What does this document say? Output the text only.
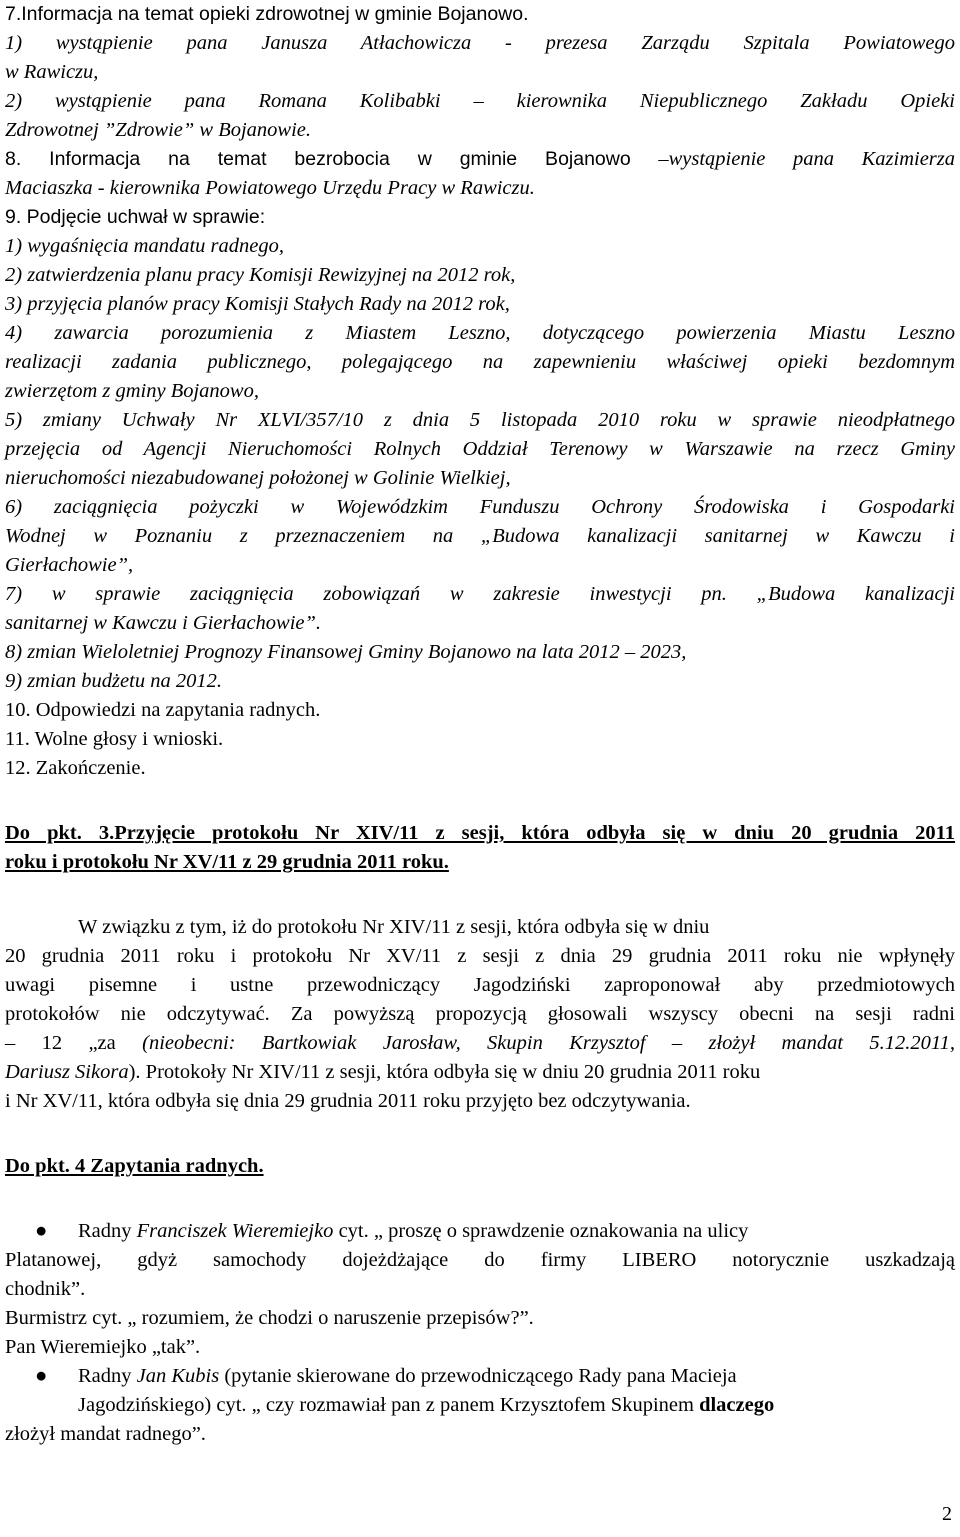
7.Informacja na temat opieki zdrowotnej w gminie Bojanowo.
1) wystąpienie pana Janusza Atłachowicza - prezesa Zarządu Szpitala Powiatowego
w Rawiczu,
2) wystąpienie pana Romana Kolibabki – kierownika Niepublicznego Zakładu Opieki
Zdrowotnej ”Zdrowie” w Bojanowie.
8. Informacja na temat bezrobocia w gminie Bojanowo –wystąpienie pana Kazimierza
Maciaszka - kierownika Powiatowego Urzędu Pracy w Rawiczu.
9. Podjęcie uchwał w sprawie:
1) wygaśnięcia mandatu radnego,
2) zatwierdzenia planu pracy Komisji Rewizyjnej na 2012 rok,
3) przyjęcia planów pracy Komisji Stałych Rady na 2012 rok,
4) zawarcia porozumienia z Miastem Leszno, dotyczącego powierzenia Miastu Leszno
realizacji zadania publicznego, polegającego na zapewnieniu właściwej opieki bezdomnym
zwierzętom z gminy Bojanowo,
5) zmiany Uchwały Nr XLVI/357/10 z dnia 5 listopada 2010 roku w sprawie nieodpłatnego
przejęcia od Agencji Nieruchomości Rolnych Oddział Terenowy w Warszawie na rzecz Gminy
nieruchomości niezabudowanej położonej w Golinie Wielkiej,
6) zaciągnięcia pożyczki w Wojewódzkim Funduszu Ochrony Środowiska i Gospodarki
Wodnej w Poznaniu z przeznaczeniem na „Budowa kanalizacji sanitarnej w Kawczu i
Gierłachowie”,
7) w sprawie zaciągnięcia zobowiązań w zakresie inwestycji pn. „Budowa kanalizacji
sanitarnej w Kawczu i Gierłachowie”.
8) zmian Wieloletniej Prognozy Finansowej Gminy Bojanowo na lata 2012 – 2023,
9) zmian budżetu na 2012.
10. Odpowiedzi na zapytania radnych.
11. Wolne głosy i wnioski.
12. Zakończenie.
Do pkt. 3.Przyjęcie protokołu Nr XIV/11 z sesji, która odbyła się w dniu 20 grudnia 2011
roku i protokołu Nr XV/11 z 29 grudnia 2011 roku.
W związku z tym, iż do protokołu Nr XIV/11 z sesji, która odbyła się w dniu
20 grudnia 2011 roku i protokołu Nr XV/11 z sesji z dnia 29 grudnia 2011 roku nie wpłynęły
uwagi pisemne i ustne przewodniczący Jagodziński zaproponował aby przedmiotowych
protokołów nie odczytywać. Za powyższą propozycją głosowali wszyscy obecni na sesji radni
– 12 „za (nieobecni: Bartkowiak Jarosław, Skupin Krzysztof – złożył mandat 5.12.2011,
Dariusz Sikora). Protokoły Nr XIV/11 z sesji, która odbyła się w dniu 20 grudnia 2011 roku
i Nr XV/11, która odbyła się dnia 29 grudnia 2011 roku przyjęto bez odczytywania.
Do pkt. 4 Zapytania radnych.
● Radny Franciszek Wieremiejko cyt. „ proszę o sprawdzenie oznakowania na ulicy
Platanowej, gdyż samochody dojeżdżające do firmy LIBERO notorycznie uszkadzają
chodnik”.
Burmistrz cyt. „ rozumiem, że chodzi o naruszenie przepisów?”.
Pan Wieremiejko „tak”.
● Radny Jan Kubis (pytanie skierowane do przewodniczącego Rady pana Macieja
Jagodzińskiego) cyt. „ czy rozmawiał pan z panem Krzysztofem Skupinem dlaczego
złożył mandat radnego”.
2
